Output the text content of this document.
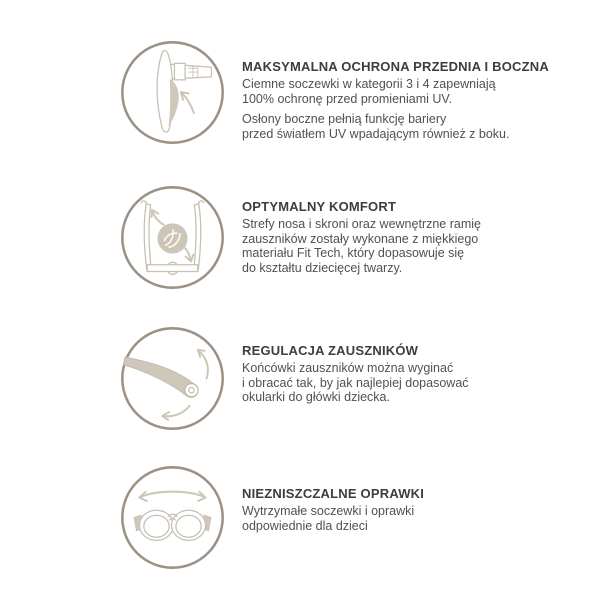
MAKSYMALNA OCHRONA PRZEDNIA I BOCZNA

Ciemne soczewki w kategorii 3 i 4 zapewniają
100% ochronę przed promieniami UV.

Osłony boczne pełnią funkcję bariery
przed światłem UV wpadającym również z boku.

OPTYMALNY KOMFORT

Strefy nosa i skroni oraz wewnętrzne ramię
zauszników zostały wykonane z miękkiego
materiału Fit Tech, który dopasowuje się
do kształtu dziecięcej twarzy.

REGULACJA ZAUSZNIKÓW

Końcówki zauszników można wyginać
i obracać tak, by jak najlepiej dopasować
okularki do główki dziecka.

NIEZNISZCZALNE OPRAWKI

Wytrzymałe soczewki i oprawki
odpowiednie dla dzieci
